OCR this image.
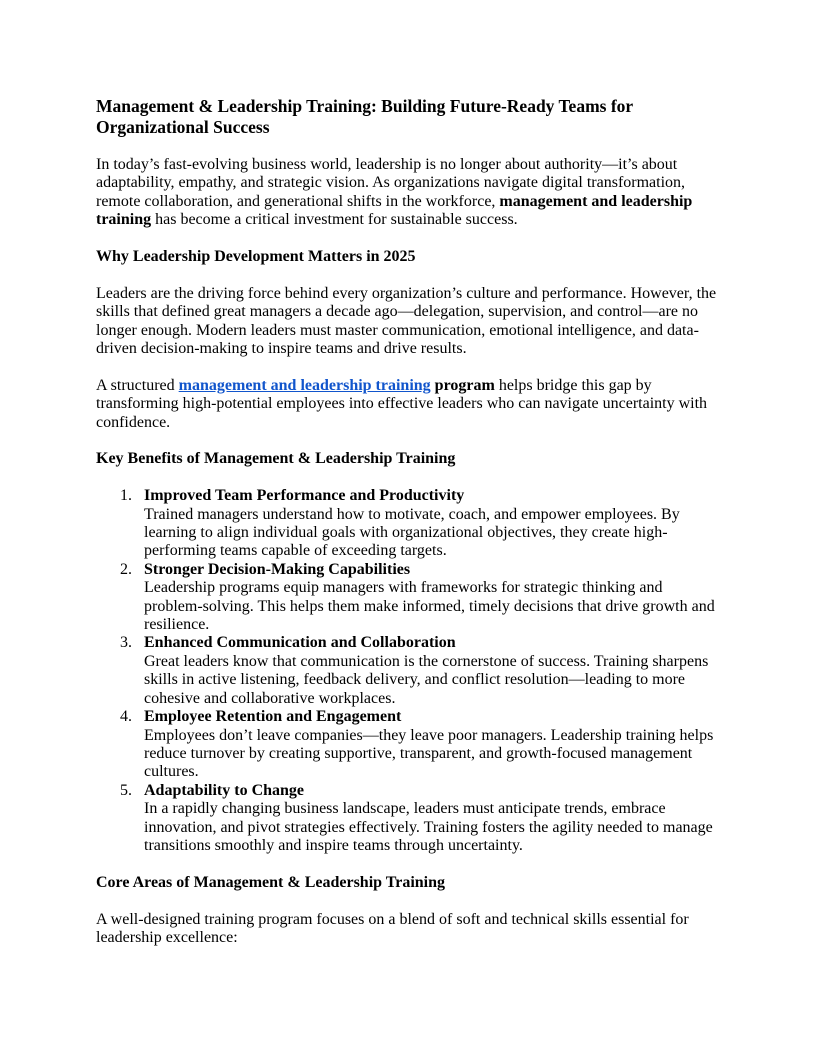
Management & Leadership Training: Building Future-Ready Teams for Organizational Success

In today’s fast-evolving business world, leadership is no longer about authority—it’s about adaptability, empathy, and strategic vision. As organizations navigate digital transformation, remote collaboration, and generational shifts in the workforce, management and leadership training has become a critical investment for sustainable success.

Why Leadership Development Matters in 2025

Leaders are the driving force behind every organization’s culture and performance. However, the skills that defined great managers a decade ago—delegation, supervision, and control—are no longer enough. Modern leaders must master communication, emotional intelligence, and data-driven decision-making to inspire teams and drive results.

A structured management and leadership training program helps bridge this gap by transforming high-potential employees into effective leaders who can navigate uncertainty with confidence.

Key Benefits of Management & Leadership Training
1. Improved Team Performance and Productivity
Trained managers understand how to motivate, coach, and empower employees. By learning to align individual goals with organizational objectives, they create high-performing teams capable of exceeding targets.
2. Stronger Decision-Making Capabilities
Leadership programs equip managers with frameworks for strategic thinking and problem-solving. This helps them make informed, timely decisions that drive growth and resilience.
3. Enhanced Communication and Collaboration
Great leaders know that communication is the cornerstone of success. Training sharpens skills in active listening, feedback delivery, and conflict resolution—leading to more cohesive and collaborative workplaces.
4. Employee Retention and Engagement
Employees don’t leave companies—they leave poor managers. Leadership training helps reduce turnover by creating supportive, transparent, and growth-focused management cultures.
5. Adaptability to Change
In a rapidly changing business landscape, leaders must anticipate trends, embrace innovation, and pivot strategies effectively. Training fosters the agility needed to manage transitions smoothly and inspire teams through uncertainty.
Core Areas of Management & Leadership Training

A well-designed training program focuses on a blend of soft and technical skills essential for leadership excellence:
